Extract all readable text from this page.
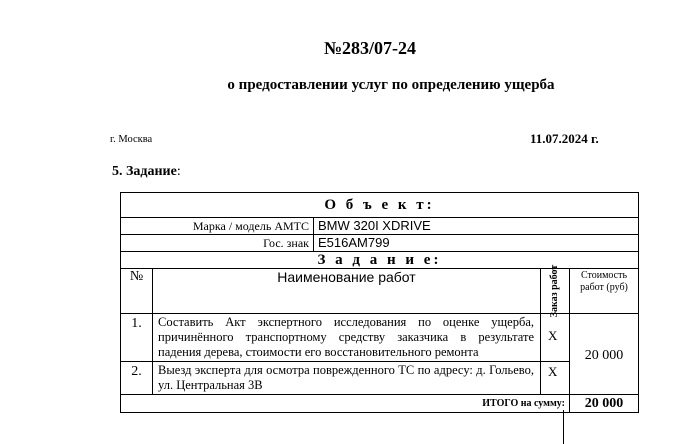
№283/07-24
о предоставлении услуг по определению ущерба
г. Москва	11.07.2024 г.
5. Задание:
О б ъ е к т:				
Марка / модель АМТС		BMW 320I XDRIVE		
Гос. знак		Е516АМ799		
З а д а н и е:				
№	Наименование работ		Заказ работ	Стоимость работ (руб)
1.	Составить Акт экспертного исследования по оценке ущерба, причинённого транспортному средству заказчика в результате падения дерева, стоимости его восстановительного ремонта		X	20 000
2.	Выезд эксперта для осмотра поврежденного ТС по адресу: д. Гольево, ул. Центральная 3В		X	
ИТОГО на сумму:				20 000
